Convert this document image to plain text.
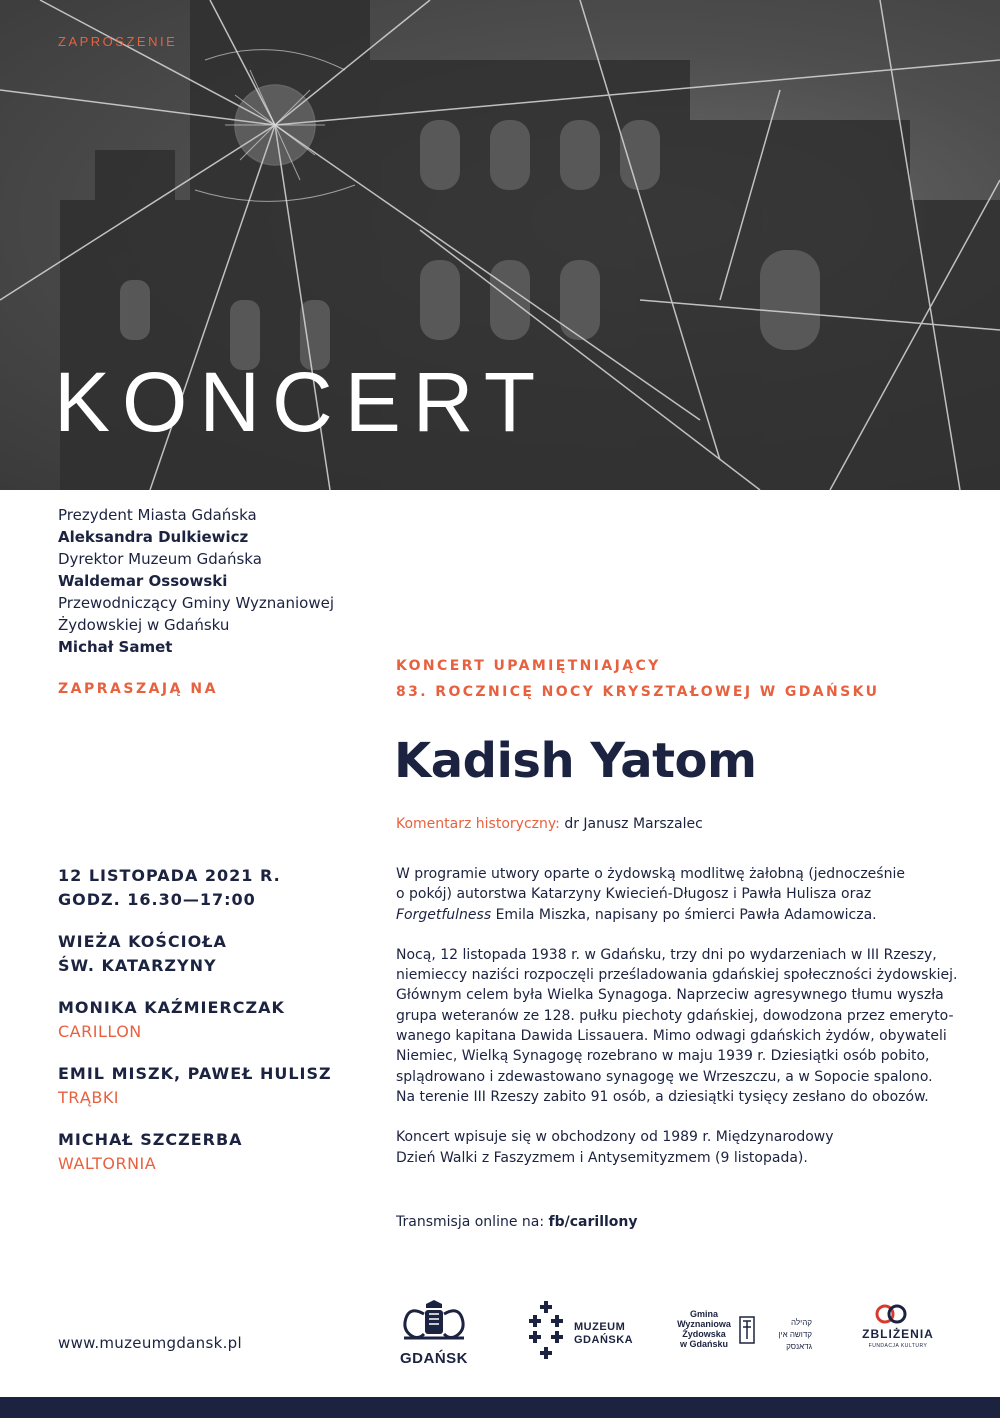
ZAPROSZENIE
KONCERT
Prezydent Miasta Gdańska
Aleksandra Dulkiewicz
Dyrektor Muzeum Gdańska
Waldemar Ossowski
Przewodniczący Gminy Wyznaniowej
Żydowskiej w Gdańsku
Michał Samet
ZAPRASZAJĄ NA
KONCERT UPAMIĘTNIAJĄCY
83. ROCZNICĘ NOCY KRYSZTAŁOWEJ W GDAŃSKU
Kadish Yatom
Komentarz historyczny: dr Janusz Marszalec
12 LISTOPADA 2021 R.
GODZ. 16.30—17:00
WIEŻA KOŚCIOŁA
ŚW. KATARZYNY
MONIKA KAŹMIERCZAK
CARILLON
EMIL MISZK, PAWEŁ HULISZ
TRĄBKI
MICHAŁ SZCZERBA
WALTORNIA

W programie utwory oparte o żydowską modlitwę żałobną (jednocześnie
o pokój) autorstwa Katarzyny Kwiecień-Długosz i Pawła Hulisza oraz
Forgetfulness Emila Miszka, napisany po śmierci Pawła Adamowicza.

Nocą, 12 listopada 1938 r. w Gdańsku, trzy dni po wydarzeniach w III Rzeszy,
niemieccy naziści rozpoczęli prześladowania gdańskiej społeczności żydowskiej.
Głównym celem była Wielka Synagoga. Naprzeciw agresywnego tłumu wyszła
grupa weteranów ze 128. pułku piechoty gdańskiej, dowodzona przez emeryto-
wanego kapitana Dawida Lissauera. Mimo odwagi gdańskich żydów, obywateli
Niemiec, Wielką Synagogę rozebrano w maju 1939 r. Dziesiątki osób pobito,
splądrowano i zdewastowano synagogę we Wrzeszczu, a w Sopocie spalono.
Na terenie III Rzeszy zabito 91 osób, a dziesiątki tysięcy zesłano do obozów.

Koncert wpisuje się w obchodzony od 1989 r. Międzynarodowy
Dzień Walki z Faszyzmem i Antysemityzmem (9 listopada).

Transmisja online na: fb/carillony
www.muzeumgdansk.pl
GDAŃSK
MUZEUM
GDAŃSKA
Gmina
Wyznaniowa
Żydowska
w Gdańsku
קהילה
קדושה אין גדאנסק
ZBLIŻENIA
FUNDACJA KULTURY
